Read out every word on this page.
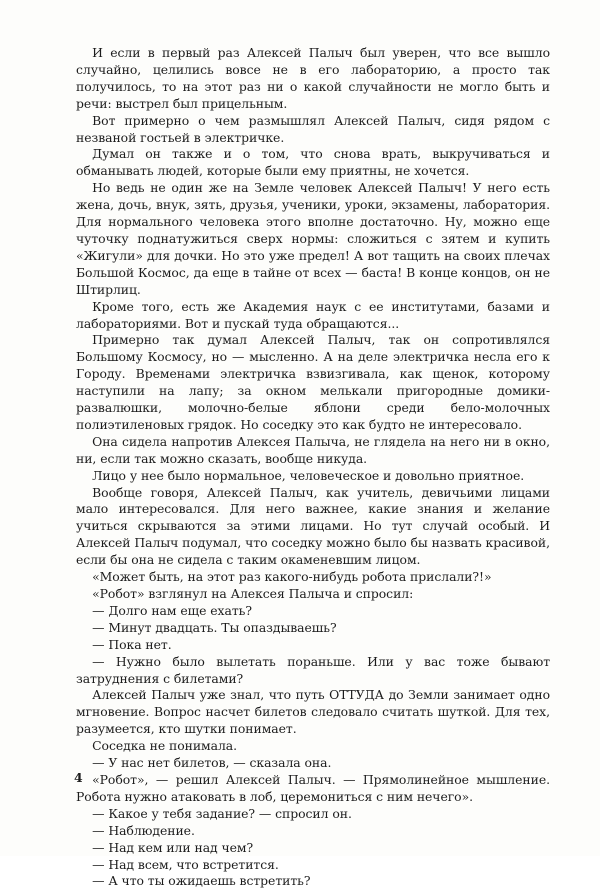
И если в первый раз Алексей Палыч был уверен, что все вышло случайно, целились вовсе не в его лабораторию, а просто так получилось, то на этот раз ни о какой случайности не могло быть и речи: выстрел был прицельным.

Вот примерно о чем размышлял Алексей Палыч, сидя рядом с незваной гостьей в электричке.

Думал он также и о том, что снова врать, выкручиваться и обманывать людей, которые были ему приятны, не хочется.

Но ведь не один же на Земле человек Алексей Палыч! У него есть жена, дочь, внук, зять, друзья, ученики, уроки, экзамены, лаборатория. Для нормального человека этого вполне достаточно. Ну, можно еще чуточку поднатужиться сверх нормы: сложиться с зятем и купить «Жигули» для дочки. Но это уже предел! А вот тащить на своих плечах Большой Космос, да еще в тайне от всех — баста! В конце концов, он не Штирлиц.

Кроме того, есть же Академия наук с ее институтами, базами и лабораториями. Вот и пускай туда обращаются...

Примерно так думал Алексей Палыч, так он сопротивлялся Большому Космосу, но — мысленно. А на деле электричка несла его к Городу. Временами электричка взвизгивала, как щенок, которому наступили на лапу; за окном мелькали пригородные домики-развалюшки, молочно-белые яблони среди бело-молочных полиэтиленовых грядок. Но соседку это как будто не интересовало.

Она сидела напротив Алексея Палыча, не глядела на него ни в окно, ни, если так можно сказать, вообще никуда.

Лицо у нее было нормальное, человеческое и довольно приятное.

Вообще говоря, Алексей Палыч, как учитель, девичьими лицами мало интересовался. Для него важнее, какие знания и желание учиться скрываются за этими лицами. Но тут случай особый. И Алексей Палыч подумал, что соседку можно было бы назвать красивой, если бы она не сидела с таким окаменевшим лицом.

«Может быть, на этот раз какого-нибудь робота прислали?!»

«Робот» взглянул на Алексея Палыча и спросил:

— Долго нам еще ехать?

— Минут двадцать. Ты опаздываешь?

— Пока нет.

— Нужно было вылетать пораньше. Или у вас тоже бывают затруднения с билетами?

Алексей Палыч уже знал, что путь ОТТУДА до Земли занимает одно мгновение. Вопрос насчет билетов следовало считать шуткой. Для тех, разумеется, кто шутки понимает.

Соседка не понимала.

— У нас нет билетов, — сказала она.

«Робот», — решил Алексей Палыч. — Прямолинейное мышление. Робота нужно атаковать в лоб, церемониться с ним нечего».

— Какое у тебя задание? — спросил он.

— Наблюдение.

— Над кем или над чем?

— Над всем, что встретится.

— А что ты ожидаешь встретить?

4
